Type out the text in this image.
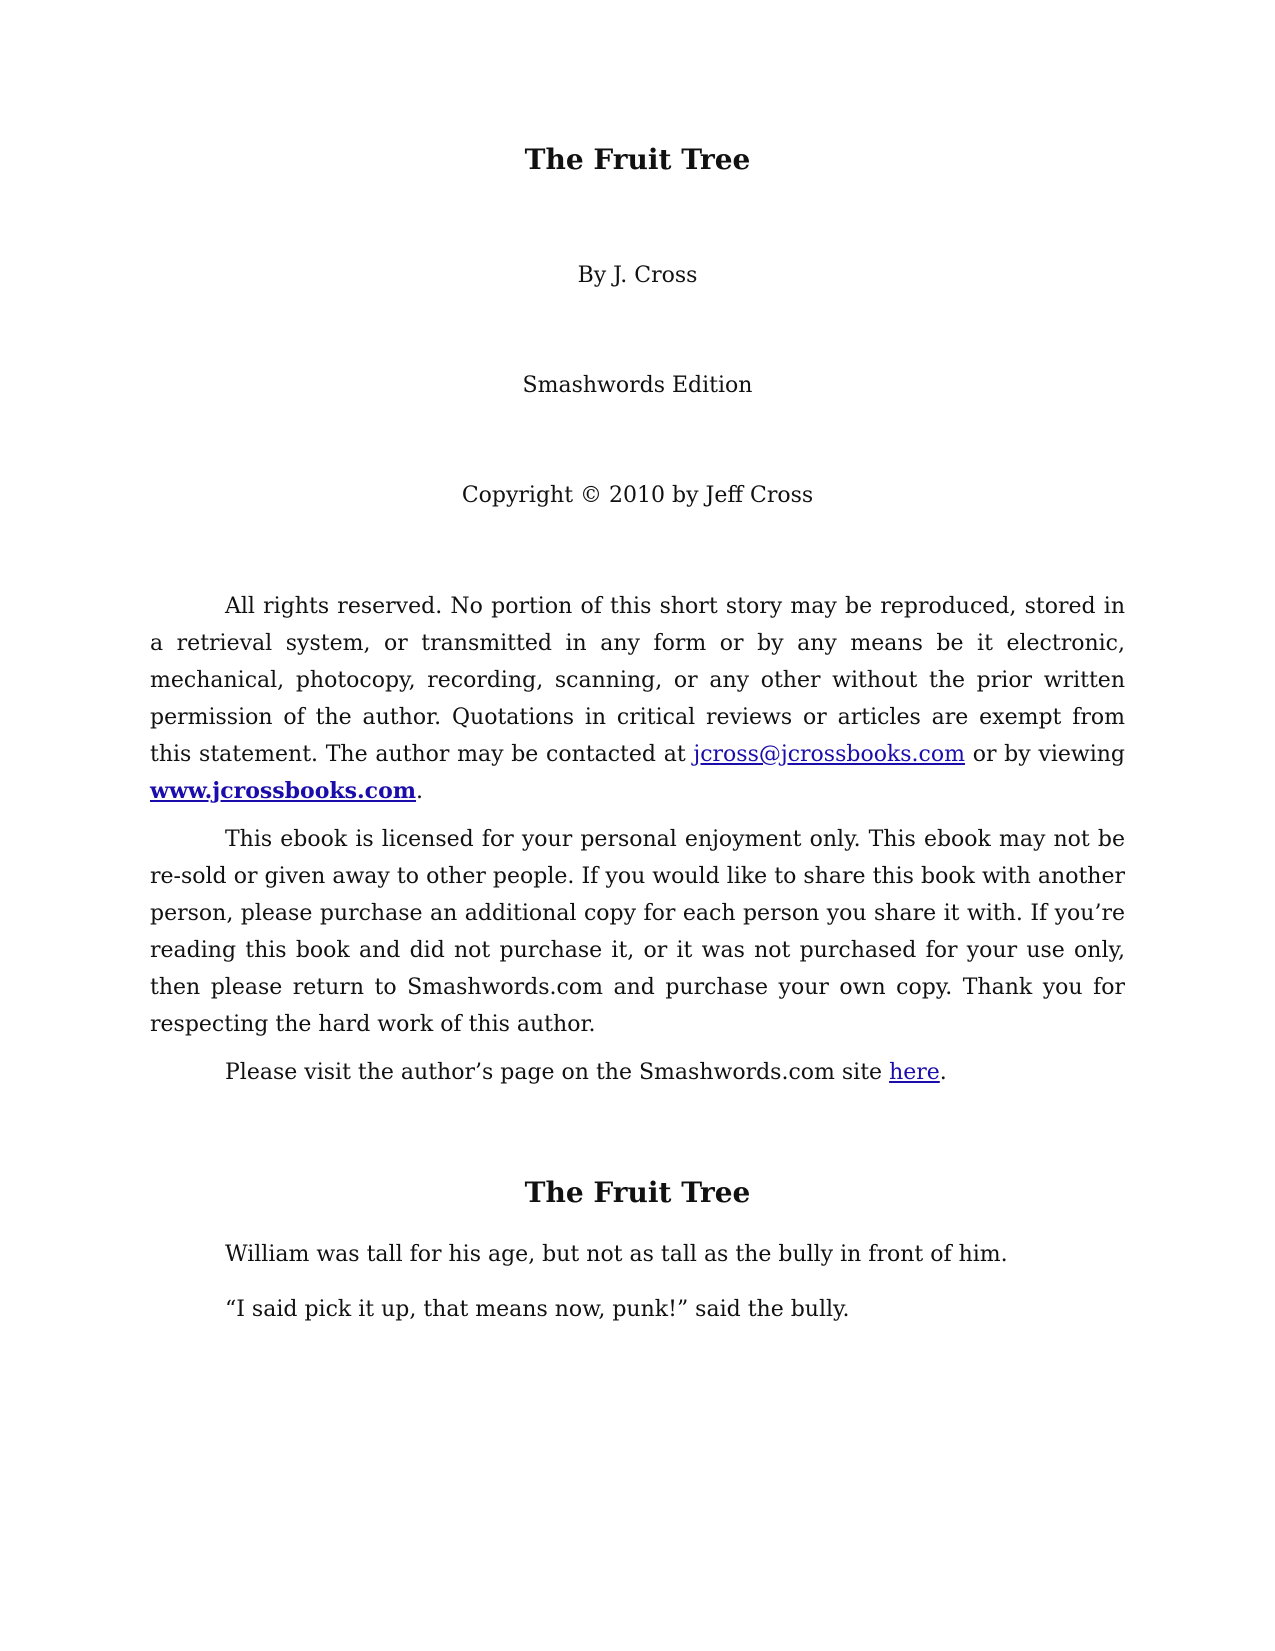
The Fruit Tree

By J. Cross

Smashwords Edition

Copyright © 2010 by Jeff Cross

All rights reserved. No portion of this short story may be reproduced, stored in a retrieval system, or transmitted in any form or by any means be it electronic, mechanical, photocopy, recording, scanning, or any other without the prior written permission of the author. Quotations in critical reviews or articles are exempt from this statement. The author may be contacted at jcross@jcrossbooks.com or by viewing www.jcrossbooks.com.

This ebook is licensed for your personal enjoyment only. This ebook may not be re-sold or given away to other people. If you would like to share this book with another person, please purchase an additional copy for each person you share it with. If you’re reading this book and did not purchase it, or it was not purchased for your use only, then please return to Smashwords.com and purchase your own copy. Thank you for respecting the hard work of this author.

Please visit the author’s page on the Smashwords.com site here.

The Fruit Tree

William was tall for his age, but not as tall as the bully in front of him.

“I said pick it up, that means now, punk!” said the bully.
